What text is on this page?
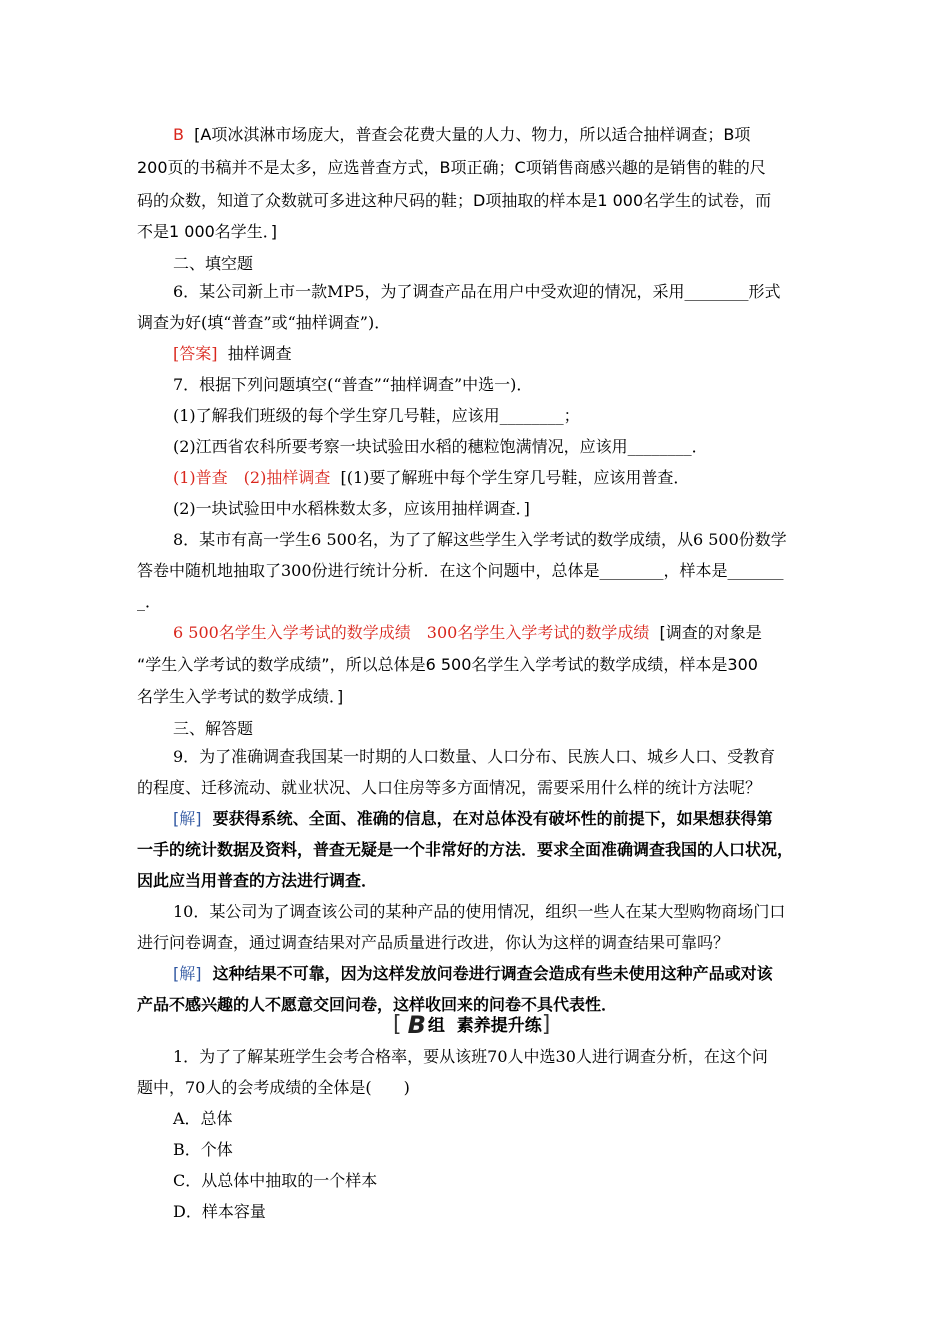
B [A项冰淇淋市场庞大，普查会花费大量的人力、物力，所以适合抽样调查；B项
200页的书稿并不是太多，应选普查方式，B项正确；C项销售商感兴趣的是销售的鞋的尺
码的众数，知道了众数就可多进这种尺码的鞋；D项抽取的样本是1 000名学生的试卷，而
不是1 000名学生．]
二、填空题
6．某公司新上市一款MP5，为了调查产品在用户中受欢迎的情况，采用________形式
调查为好(填“普查”或“抽样调查”)．
[答案] 抽样调查
7．根据下列问题填空(“普查”“抽样调查”中选一)．
(1)了解我们班级的每个学生穿几号鞋，应该用________；
(2)江西省农科所要考察一块试验田水稻的穗粒饱满情况，应该用________．
(1)普查　(2)抽样调查 [(1)要了解班中每个学生穿几号鞋，应该用普查．
(2)一块试验田中水稻株数太多，应该用抽样调查．]
8．某市有高一学生6 500名，为了了解这些学生入学考试的数学成绩，从6 500份数学
答卷中随机地抽取了300份进行统计分析．在这个问题中，总体是________，样本是_______
_．
6 500名学生入学考试的数学成绩　300名学生入学考试的数学成绩 [调查的对象是
“学生入学考试的数学成绩”，所以总体是6 500名学生入学考试的数学成绩，样本是300
名学生入学考试的数学成绩．]
三、解答题
9．为了准确调查我国某一时期的人口数量、人口分布、民族人口、城乡人口、受教育
的程度、迁移流动、就业状况、人口住房等多方面情况，需要采用什么样的统计方法呢？
[解] 要获得系统、全面、准确的信息，在对总体没有破坏性的前提下，如果想获得第
一手的统计数据及资料，普查无疑是一个非常好的方法．要求全面准确调查我国的人口状况，
因此应当用普查的方法进行调查．
10．某公司为了调查该公司的某种产品的使用情况，组织一些人在某大型购物商场门口
进行问卷调查，通过调查结果对产品质量进行改进，你认为这样的调查结果可靠吗？
[解] 这种结果不可靠，因为这样发放问卷进行调查会造成有些未使用这种产品或对该
产品不感兴趣的人不愿意交回问卷，这样收回来的问卷不具代表性．
[ B 组 素养提升练]
1．为了了解某班学生会考合格率，要从该班70人中选30人进行调查分析，在这个问
题中，70人的会考成绩的全体是(　　)
A．总体
B．个体
C．从总体中抽取的一个样本
D．样本容量
